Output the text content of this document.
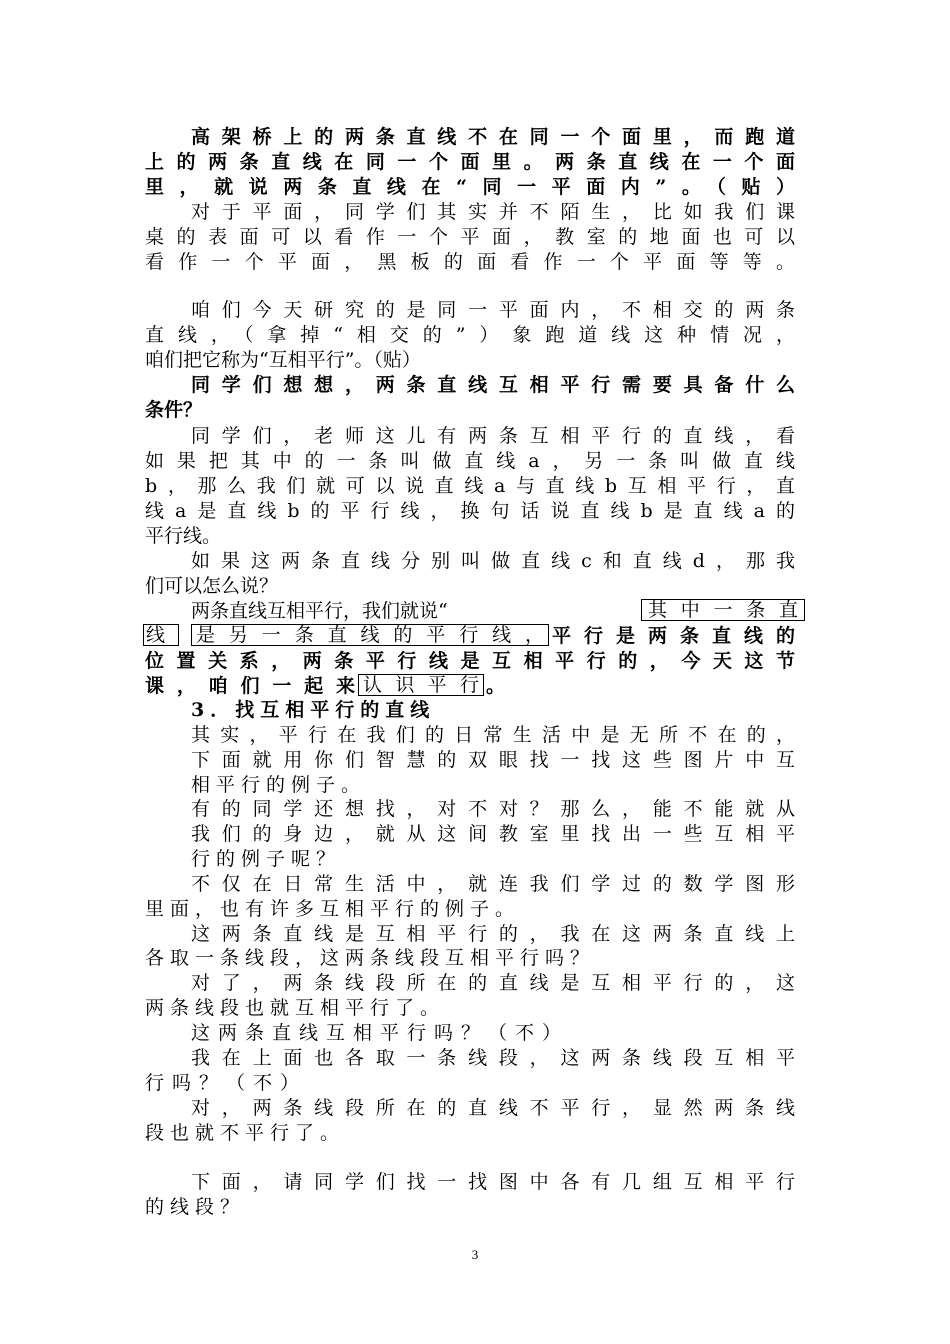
高架桥上的两条直线不在同一个面里，而跑道
上的两条直线在同一个面里。两条直线在一个面
里，就说两条直线在“同一平面内”。（贴）
对于平面，同学们其实并不陌生，比如我们课
桌的表面可以看作一个平面，教室的地面也可以
看作一个平面，黑板的面看作一个平面等等。
咱们今天研究的是同一平面内，不相交的两条
直线，（拿掉“相交的”）象跑道线这种情况，
咱们把它称为“互相平行”。（贴）
同学们想想，两条直线互相平行需要具备什么
条件？
同学们，老师这儿有两条互相平行的直线，看
如果把其中的一条叫做直线a，另一条叫做直线
b，那么我们就可以说直线a与直线b互相平行，直
线a是直线b的平行线，换句话说直线b是直线a的
平行线。
如果这两条直线分别叫做直线c和直线d，那我
们可以怎么说？
两条直线互相平行，我们就说“	其中一条直
线	是另一条直线的平行线， 平行是两条直线的
位置关系，两条平行线是互相平行的，今天这节
课，咱们一起来 认识平行 。
3．找互相平行的直线
其实，平行在我们的日常生活中是无所不在的，
下面就用你们智慧的双眼找一找这些图片中互
相平行的例子。
有的同学还想找，对不对？那么，能不能就从
我们的身边，就从这间教室里找出一些互相平
行的例子呢？
不仅在日常生活中，就连我们学过的数学图形
里面，也有许多互相平行的例子。
这两条直线是互相平行的，我在这两条直线上
各取一条线段，这两条线段互相平行吗？
对了，两条线段所在的直线是互相平行的，这
两条线段也就互相平行了。
这两条直线互相平行吗？（不）
我在上面也各取一条线段，这两条线段互相平
行吗？（不）
对，两条线段所在的直线不平行，显然两条线
段也就不平行了。
下面，请同学们找一找图中各有几组互相平行
的线段？
3
